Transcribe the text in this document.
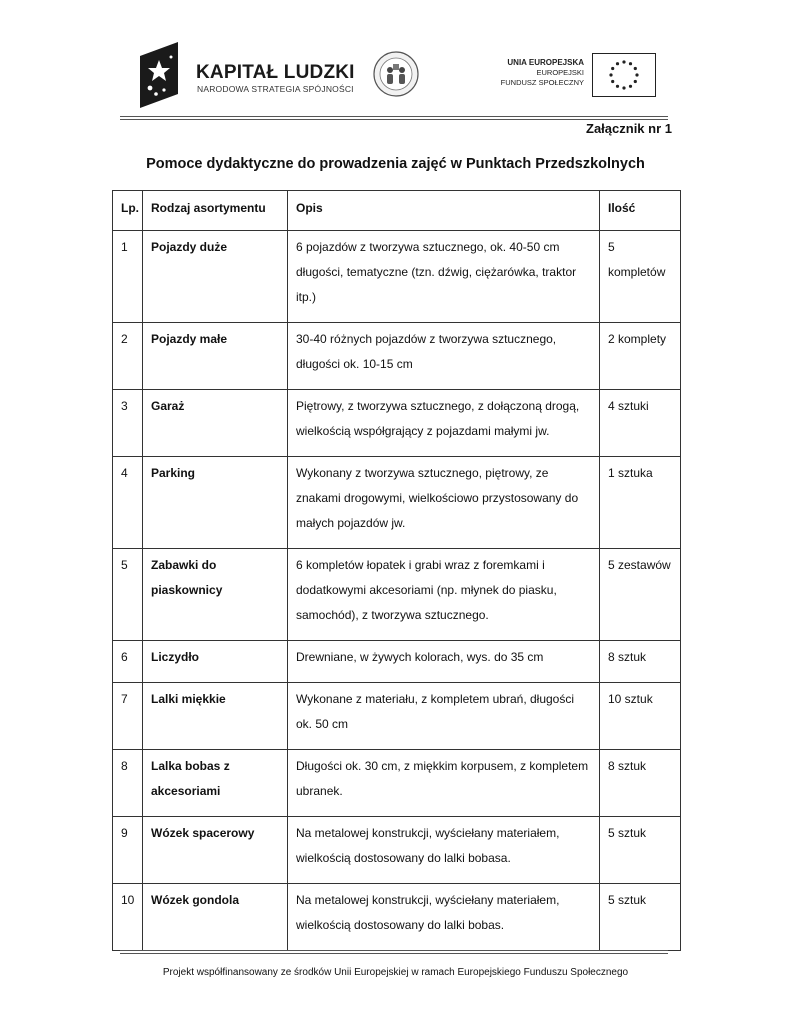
KAPITAŁ LUDZKI
NARODOWA STRATEGIA SPÓJNOŚCI
UNIA EUROPEJSKA
EUROPEJSKI
FUNDUSZ SPOŁECZNY
Załącznik nr 1
Pomoce dydaktyczne do prowadzenia zajęć w Punktach Przedszkolnych
Lp.	Rodzaj asortymentu	Opis	Ilość
1	Pojazdy duże	6 pojazdów z tworzywa sztucznego, ok. 40-50 cm długości, tematyczne (tzn. dźwig, ciężarówka, traktor itp.)	5 kompletów
2	Pojazdy małe	30-40 różnych pojazdów z tworzywa sztucznego, długości ok. 10-15 cm	2 komplety
3	Garaż	Piętrowy, z tworzywa sztucznego, z dołączoną drogą, wielkością współgrający z pojazdami małymi jw.	4 sztuki
4	Parking	Wykonany z tworzywa sztucznego, piętrowy, ze znakami drogowymi, wielkościowo przystosowany do małych pojazdów jw.	1 sztuka
5	Zabawki do piaskownicy	6 kompletów łopatek i grabi wraz z foremkami i dodatkowymi akcesoriami (np. młynek do piasku, samochód), z tworzywa sztucznego.	5 zestawów
6	Liczydło	Drewniane, w żywych kolorach, wys. do 35 cm	8 sztuk
7	Lalki miękkie	Wykonane z materiału, z kompletem ubrań, długości ok. 50 cm	10 sztuk
8	Lalka bobas z akcesoriami	Długości ok. 30 cm, z miękkim korpusem, z kompletem ubranek.	8 sztuk
9	Wózek spacerowy	Na metalowej konstrukcji, wyściełany materiałem, wielkością dostosowany do lalki bobasa.	5 sztuk
10	Wózek gondola	Na metalowej konstrukcji, wyściełany materiałem, wielkością dostosowany do lalki bobas.	5 sztuk
Projekt współfinansowany ze środków Unii Europejskiej w ramach Europejskiego Funduszu Społecznego
